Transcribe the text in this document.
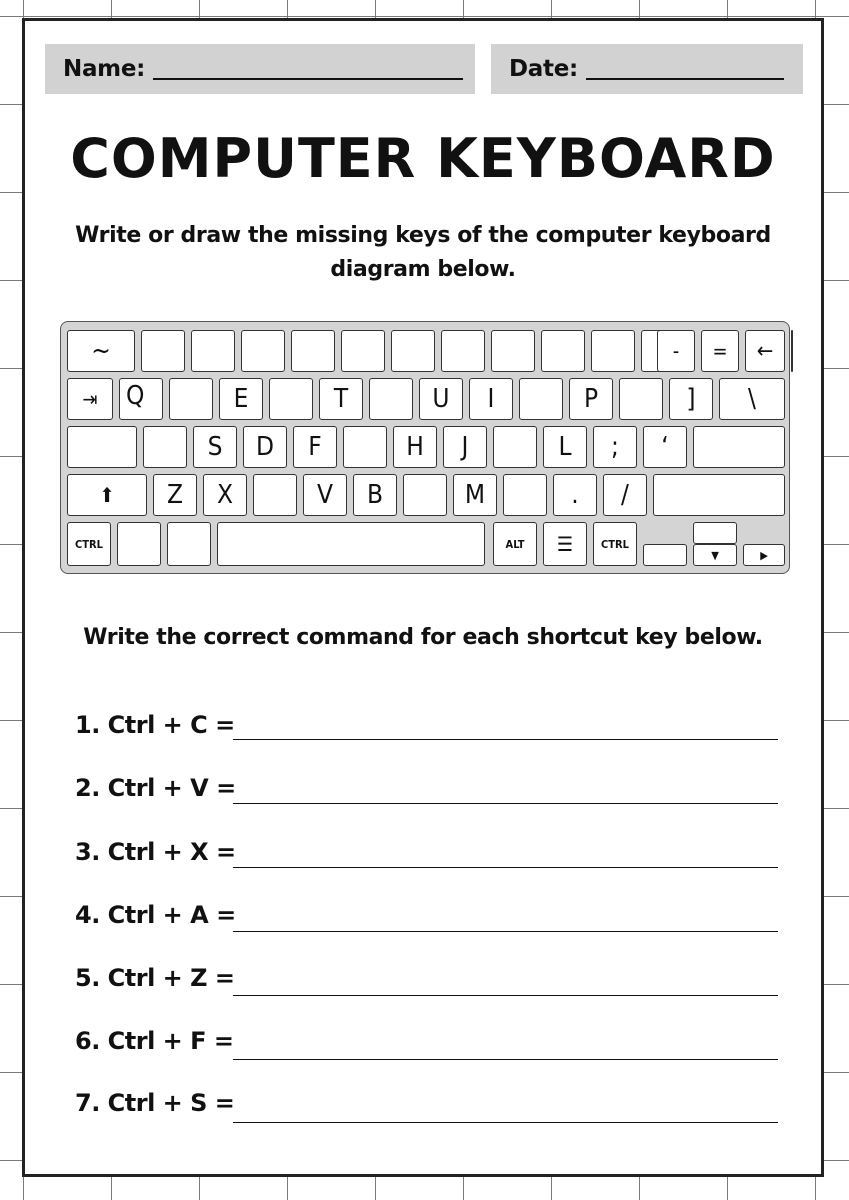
Name:	Date:
COMPUTER KEYBOARD
Write or draw the missing keys of the computer keyboard diagram below.
~	-	=
⇥	Q	E	T	U	I	P	]	\
S	D	F	H	J	L	;	‘
⬆	Z	X	V	B	M	.	/
CTRL	ALT	☰	CTRL
▼	▶
←
Write the correct command for each shortcut key below.
1. Ctrl + C =
2. Ctrl + V =
3. Ctrl + X =
4. Ctrl + A =
5. Ctrl + Z =
6. Ctrl + F =
7. Ctrl + S =
